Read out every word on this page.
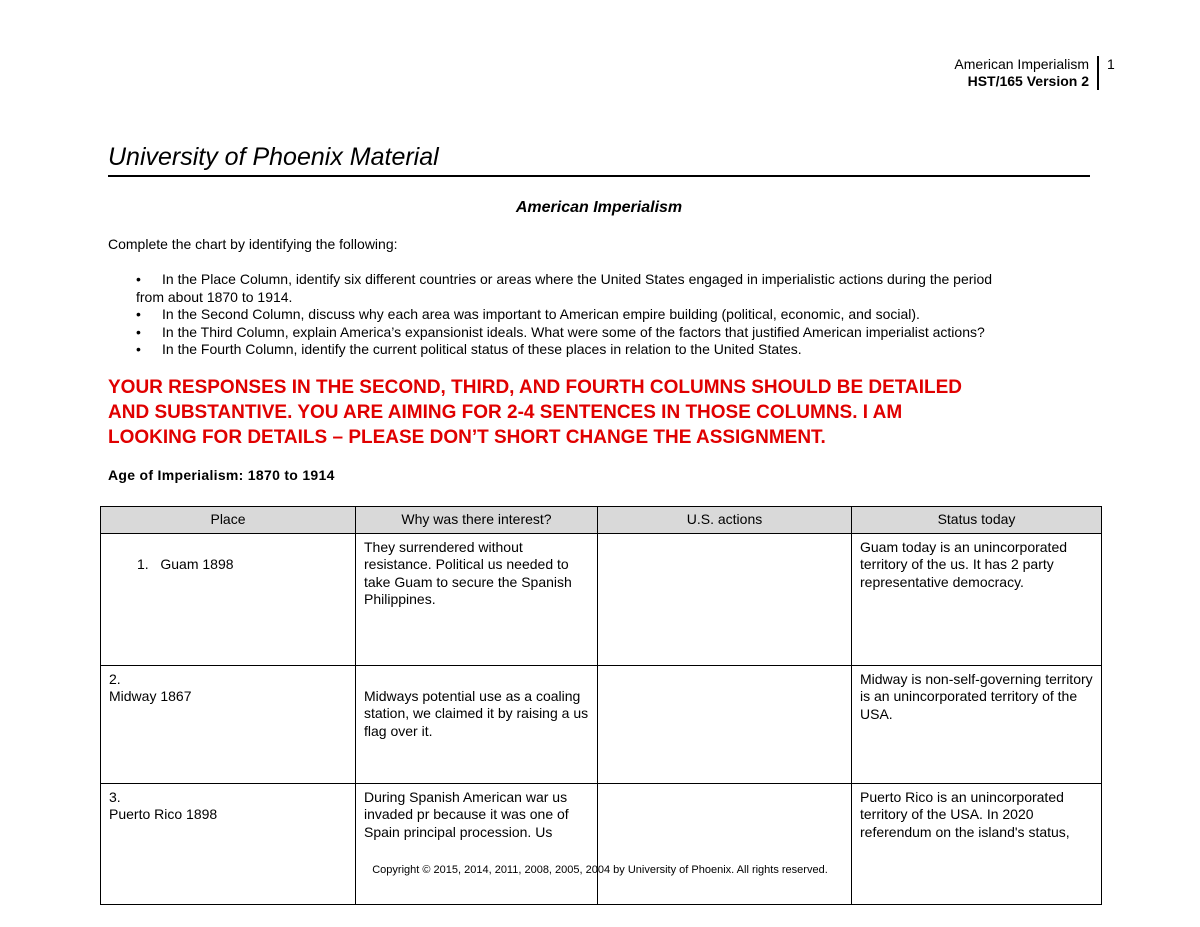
American Imperialism
HST/165 Version 2
1
University of Phoenix Material
American Imperialism
Complete the chart by identifying the following:
•	In the Place Column, identify six different countries or areas where the United States engaged in imperialistic actions during the period
from about 1870 to 1914.
•	In the Second Column, discuss why each area was important to American empire building (political, economic, and social).
•	In the Third Column, explain America’s expansionist ideals. What were some of the factors that justified American imperialist actions?
•	In the Fourth Column, identify the current political status of these places in relation to the United States.
YOUR RESPONSES IN THE SECOND, THIRD, AND FOURTH COLUMNS SHOULD BE DETAILED
AND SUBSTANTIVE. YOU ARE AIMING FOR 2-4 SENTENCES IN THOSE COLUMNS. I AM
LOOKING FOR DETAILS – PLEASE DON’T SHORT CHANGE THE ASSIGNMENT.
Age of Imperialism: 1870 to 1914
Place	Why was there interest?	U.S. actions	Status today
1. Guam 1898	They surrendered without resistance. Political us needed to take Guam to secure the Spanish Philippines.		Guam today is an unincorporated territory of the us. It has 2 party representative democracy.

2.
Midway 1867	Midways potential use as a coaling station, we claimed it by raising a us flag over it.		Midway is non-self-governing territory is an unincorporated territory of the USA.

3.
Puerto Rico 1898	During Spanish American war us invaded pr because it was one of Spain principal procession. Us		Puerto Rico is an unincorporated territory of the USA. In 2020 referendum on the island's status,
Copyright © 2015, 2014, 2011, 2008, 2005, 2004 by University of Phoenix. All rights reserved.
